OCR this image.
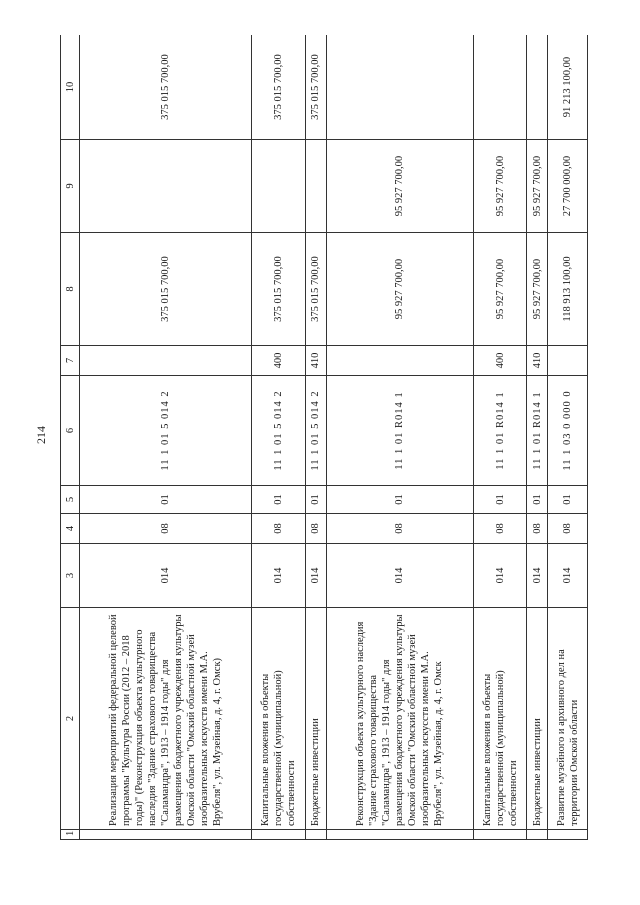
214
1	2	3	4	5	6	7	8	9	10
	Реализация мероприятий федеральной целевой программы "Культура России (2012 – 2018 годы)" (Реконструкция объекта культурного наследия "Здание страхового товарищества "Саламандра", 1913 – 1914 годы" для размещения бюджетного учреждения культуры Омской области "Омский областной музей изобразительных искусств имени М.А. Врубеля", ул. Музейная, д. 4, г. Омск)	014	08	01	11 1 01 5 014 2		375 015 700,00		375 015 700,00
	Капитальные вложения в объекты государственной (муниципальной) собственности	014	08	01	11 1 01 5 014 2	400	375 015 700,00		375 015 700,00
	Бюджетные инвестиции	014	08	01	11 1 01 5 014 2	410	375 015 700,00		375 015 700,00
	Реконструкция объекта культурного наследия "Здание страхового товарищества "Саламандра", 1913 – 1914 годы" для размещения бюджетного учреждения культуры Омской области "Омский областной музей изобразительных искусств имени М.А. Врубеля", ул. Музейная, д. 4, г. Омск	014	08	01	11 1 01 R014 1		95 927 700,00	95 927 700,00	
	Капитальные вложения в объекты государственной (муниципальной) собственности	014	08	01	11 1 01 R014 1	400	95 927 700,00	95 927 700,00	
	Бюджетные инвестиции	014	08	01	11 1 01 R014 1	410	95 927 700,00	95 927 700,00	
	Развитие музейного и архивного дел на территории Омской области	014	08	01	11 1 03 0 000 0		118 913 100,00	27 700 000,00	91 213 100,00
